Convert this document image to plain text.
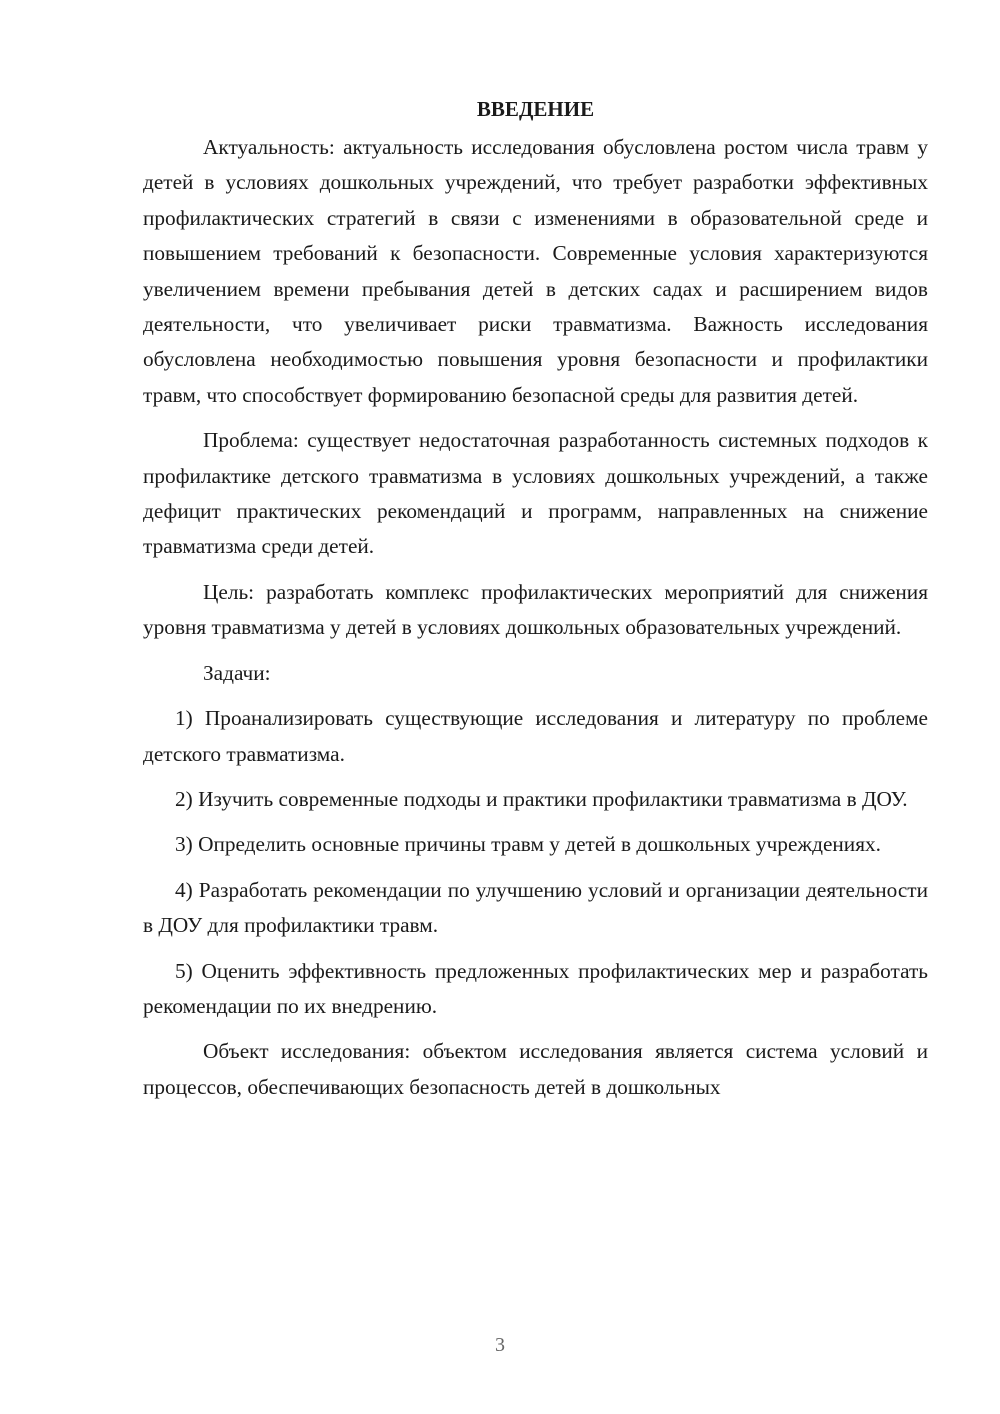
ВВЕДЕНИЕ

Актуальность: актуальность исследования обусловлена ростом числа травм у детей в условиях дошкольных учреждений, что требует разработки эффективных профилактических стратегий в связи с изменениями в образовательной среде и повышением требований к безопасности. Современные условия характеризуются увеличением времени пребывания детей в детских садах и расширением видов деятельности, что увеличивает риски травматизма. Важность исследования обусловлена необходимостью повышения уровня безопасности и профилактики травм, что способствует формированию безопасной среды для развития детей.

Проблема: существует недостаточная разработанность системных подходов к профилактике детского травматизма в условиях дошкольных учреждений, а также дефицит практических рекомендаций и программ, направленных на снижение травматизма среди детей.

Цель: разработать комплекс профилактических мероприятий для снижения уровня травматизма у детей в условиях дошкольных образовательных учреждений.

Задачи:

1) Проанализировать существующие исследования и литературу по проблеме детского травматизма.

2) Изучить современные подходы и практики профилактики травматизма в ДОУ.

3) Определить основные причины травм у детей в дошкольных учреждениях.

4) Разработать рекомендации по улучшению условий и организации деятельности в ДОУ для профилактики травм.

5) Оценить эффективность предложенных профилактических мер и разработать рекомендации по их внедрению.

Объект исследования: объектом исследования является система условий и процессов, обеспечивающих безопасность детей в дошкольных

3
